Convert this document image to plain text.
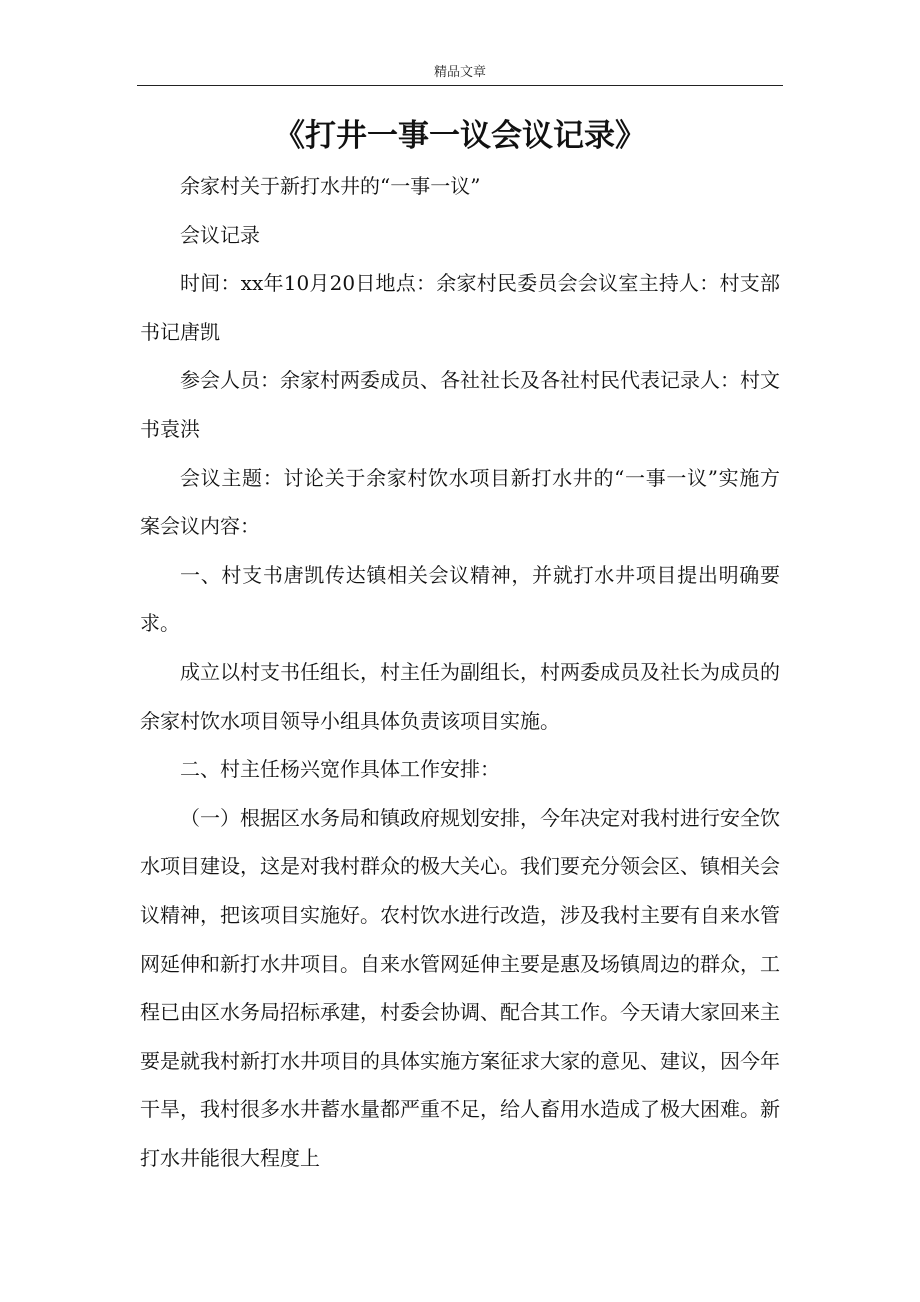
精品文章
《打井一事一议会议记录》

余家村关于新打水井的“一事一议”

会议记录

时间：xx年10月20日地点：余家村民委员会会议室主持人：村支部书记唐凯

参会人员：余家村两委成员、各社社长及各社村民代表记录人：村文书袁洪

会议主题：讨论关于余家村饮水项目新打水井的“一事一议”实施方案会议内容：

一、村支书唐凯传达镇相关会议精神，并就打水井项目提出明确要求。

成立以村支书任组长，村主任为副组长，村两委成员及社长为成员的余家村饮水项目领导小组具体负责该项目实施。

二、村主任杨兴宽作具体工作安排：

（一）根据区水务局和镇政府规划安排，今年决定对我村进行安全饮水项目建设，这是对我村群众的极大关心。我们要充分领会区、镇相关会议精神，把该项目实施好。农村饮水进行改造，涉及我村主要有自来水管网延伸和新打水井项目。自来水管网延伸主要是惠及场镇周边的群众，工程已由区水务局招标承建，村委会协调、配合其工作。今天请大家回来主要是就我村新打水井项目的具体实施方案征求大家的意见、建议，因今年干旱，我村很多水井蓄水量都严重不足，给人畜用水造成了极大困难。新打水井能很大程度上
